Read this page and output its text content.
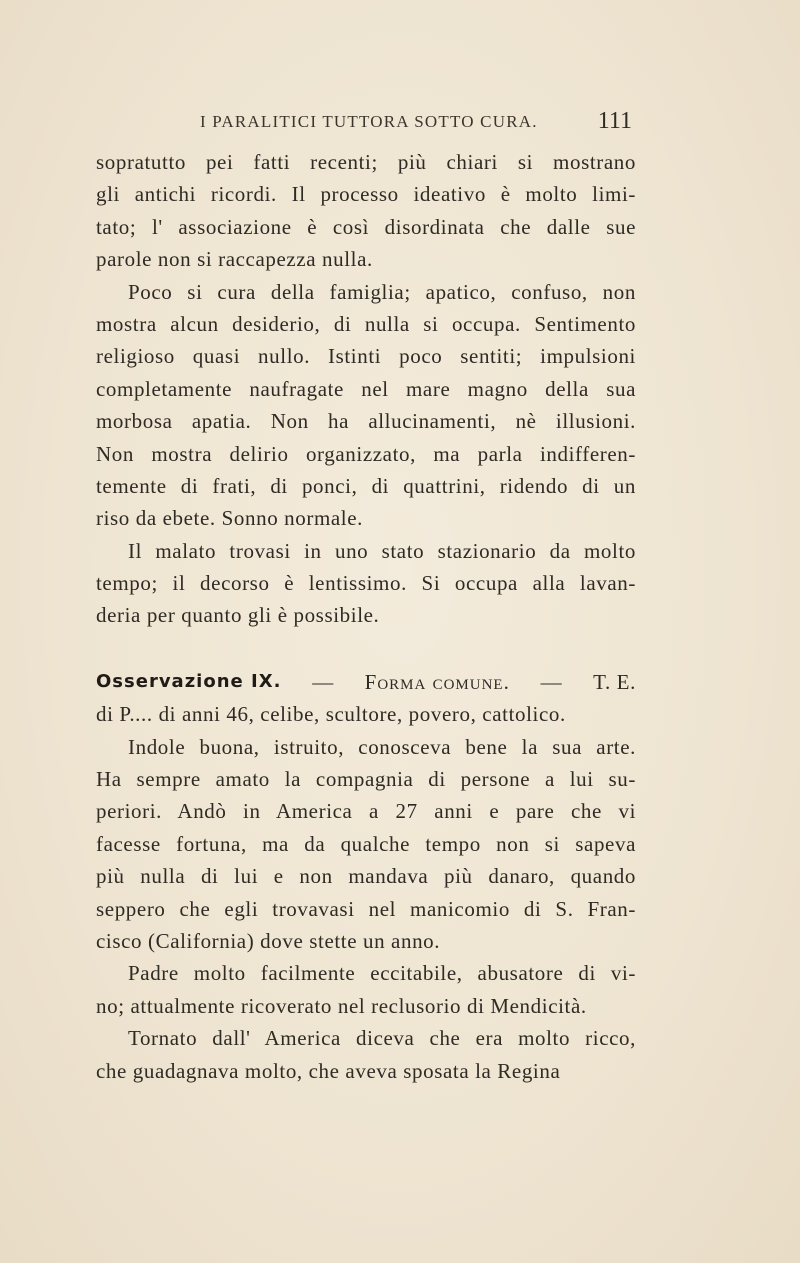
I PARALITICI TUTTORA SOTTO CURA.	111
sopratutto pei fatti recenti; più chiari si mostrano
gli antichi ricordi. Il processo ideativo è molto limi-
tato; l' associazione è così disordinata che dalle sue
parole non si raccapezza nulla.
Poco si cura della famiglia; apatico, confuso, non
mostra alcun desiderio, di nulla si occupa. Sentimento
religioso quasi nullo. Istinti poco sentiti; impulsioni
completamente naufragate nel mare magno della sua
morbosa apatia. Non ha allucinamenti, nè illusioni.
Non mostra delirio organizzato, ma parla indifferen-
temente di frati, di ponci, di quattrini, ridendo di un
riso da ebete. Sonno normale.
Il malato trovasi in uno stato stazionario da molto
tempo; il decorso è lentissimo. Si occupa alla lavan-
deria per quanto gli è possibile.
Osservazione IX. — Forma comune. — T. E.
di P.... di anni 46, celibe, scultore, povero, cattolico.
Indole buona, istruito, conosceva bene la sua arte.
Ha sempre amato la compagnia di persone a lui su-
periori. Andò in America a 27 anni e pare che vi
facesse fortuna, ma da qualche tempo non si sapeva
più nulla di lui e non mandava più danaro, quando
seppero che egli trovavasi nel manicomio di S. Fran-
cisco (California) dove stette un anno.
Padre molto facilmente eccitabile, abusatore di vi-
no; attualmente ricoverato nel reclusorio di Mendicità.
Tornato dall' America diceva che era molto ricco,
che guadagnava molto, che aveva sposata la Regina
